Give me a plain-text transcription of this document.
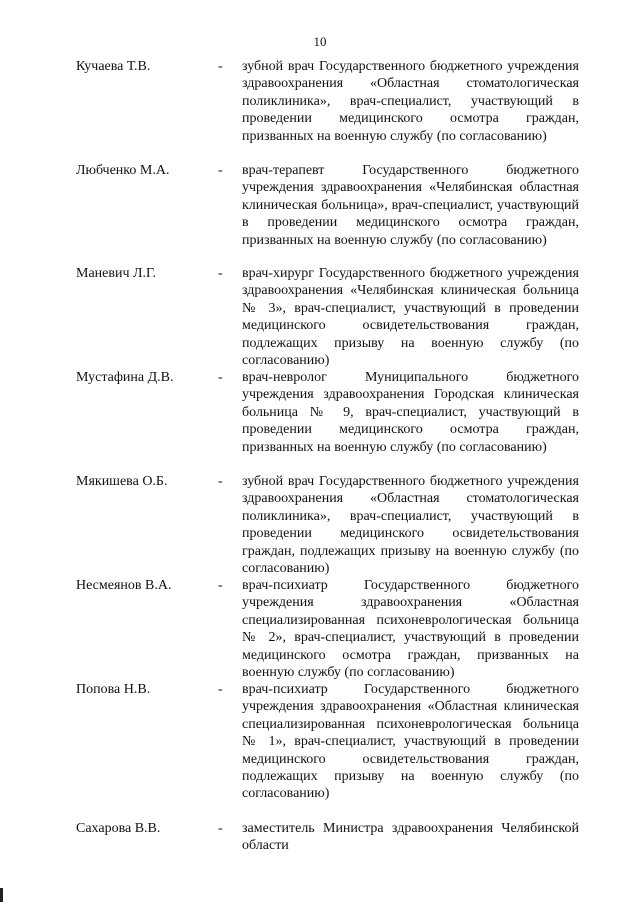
10
Кучаева Т.В.	- зубной врач Государственного бюджетного учреждения здравоохранения «Областная стоматологическая поликлиника», врач-специалист, участвующий в проведении медицинского осмотра граждан, призванных на военную службу (по согласованию)
Любченко М.А.	- врач-терапевт Государственного бюджетного учреждения здравоохранения «Челябинская областная клиническая больница», врач-специалист, участвующий в проведении медицинского осмотра граждан, призванных на военную службу (по согласованию)
Маневич Л.Г.	- врач-хирург Государственного бюджетного учреждения здравоохранения «Челябинская клиническая больница № 3», врач-специалист, участвующий в проведении медицинского освидетельствования граждан, подлежащих призыву на военную службу (по согласованию)
Мустафина Д.В.	- врач-невролог Муниципального бюджетного учреждения здравоохранения Городская клиническая больница № 9, врач-специалист, участвующий в проведении медицинского осмотра граждан, призванных на военную службу (по согласованию)
Мякишева О.Б.	- зубной врач Государственного бюджетного учреждения здравоохранения «Областная стоматологическая поликлиника», врач-специалист, участвующий в проведении медицинского освидетельствования граждан, подлежащих призыву на военную службу (по согласованию)
Несмеянов В.А.	- врач-психиатр Государственного бюджетного учреждения здравоохранения «Областная специализированная психоневрологическая больница № 2», врач-специалист, участвующий в проведении медицинского осмотра граждан, призванных на военную службу (по согласованию)
Попова Н.В.	- врач-психиатр Государственного бюджетного учреждения здравоохранения «Областная клиническая специализированная психоневрологическая больница № 1», врач-специалист, участвующий в проведении медицинского освидетельствования граждан, подлежащих призыву на военную службу (по согласованию)
Сахарова В.В.	- заместитель Министра здравоохранения Челябинской области
